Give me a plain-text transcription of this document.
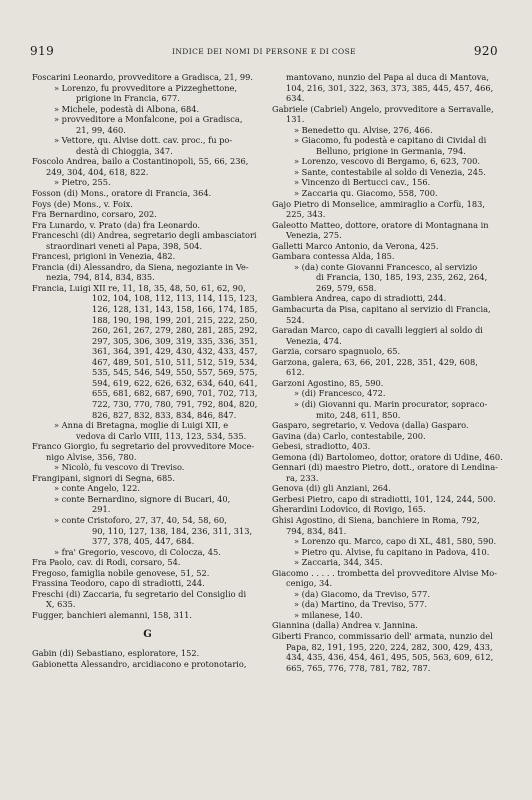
919	INDICE DEI NOMI DI PERSONE E DI COSE	920
Foscarini Leonardo, provveditore a Gradisca, 21, 99.
» Lorenzo, fu provveditore a Pizzeghettone,
prigione in Francia, 677.
» Michele, podestà di Albona, 684.
» provveditore a Monfalcone, poi a Gradisca,
21, 99, 460.
» Vettore, qu. Alvise dott. cav. proc., fu po-
destà di Chioggia, 347.
Foscolo Andrea, bailo a Costantinopoli, 55, 66, 236,
249, 304, 404, 618, 822.
» Pietro, 255.
Fosson (di) Mons., oratore di Francia, 364.
Foys (de) Mons., v. Foix.
Fra Bernardino, corsaro, 202.
Fra Lunardo, v. Prato (da) fra Leonardo.
Franceschi (di) Andrea, segretario degli ambasciatori
straordinari veneti al Papa, 398, 504.
Francesi, prigioni in Venezia, 482.
Francia (di) Alessandro, da Siena, negoziante in Ve-
nezia, 794, 814, 834, 835.
Francia, Luigi XII re, 11, 18, 35, 48, 50, 61, 62, 90,
102, 104, 108, 112, 113, 114, 115, 123,
126, 128, 131, 143, 158, 166, 174, 185,
188, 190, 198, 199, 201, 215, 222, 250,
260, 261, 267, 279, 280, 281, 285, 292,
297, 305, 306, 309, 319, 335, 336, 351,
361, 364, 391, 429, 430, 432, 433, 457,
467, 489, 501, 510, 511, 512, 519, 534,
535, 545, 546, 549, 550, 557, 569, 575,
594, 619, 622, 626, 632, 634, 640, 641,
655, 681, 682, 687, 690, 701, 702, 713,
722, 730, 770, 780, 791, 792, 804, 820,
826, 827, 832, 833, 834, 846, 847.
» Anna di Bretagna, moglie di Luigi XII, e
vedova di Carlo VIII, 113, 123, 534, 535.
Franco Giorgio, fu segretario del provveditore Moce-
nigo Alvise, 356, 780.
» Nicolò, fu vescovo di Treviso.
Frangipani, signori di Segna, 685.
» conte Angelo, 122.
» conte Bernardino, signore di Bucari, 40,
291.
» conte Cristoforo, 27, 37, 40, 54, 58, 60,
90, 110, 127, 138, 184, 236, 311, 313,
377, 378, 405, 447, 684.
» fra' Gregorio, vescovo, di Colocza, 45.
Fra Paolo, cav. di Rodi, corsaro, 54.
Fregoso, famiglia nobile genovese, 51, 52.
Frassina Teodoro, capo di stradiotti, 244.
Freschi (di) Zaccaria, fu segretario del Consiglio di
X, 635.
Fugger, banchieri alemanni, 158, 311.
G
Gabin (di) Sebastiano, esploratore, 152.
Gabionetta Alessandro, arcidiacono e protonotario,
mantovano, nunzio del Papa al duca di Mantova,
104, 216, 301, 322, 363, 373, 385, 445, 457, 466,
634.
Gabriele (Cabriel) Angelo, provveditore a Serravalle,
131.
» Benedetto qu. Alvise, 276, 466.
» Giacomo, fu podestà e capitano di Cividal di
Belluno, prigione in Germania, 794.
» Lorenzo, vescovo di Bergamo, 6, 623, 700.
» Sante, contestabile al soldo di Venezia, 245.
» Vincenzo di Bertucci cav., 156.
» Zaccaria qu. Giacomo, 558, 700.
Gajo Pietro di Monselice, ammiraglio a Corfù, 183,
225, 343.
Galeotto Matteo, dottore, oratore di Montagnana in
Venezia, 275.
Galletti Marco Antonio, da Verona, 425.
Gambara contessa Alda, 185.
» (da) conte Giovanni Francesco, al servizio
di Francia, 130, 185, 193, 235, 262, 264,
269, 579, 658.
Gambiera Andrea, capo di stradiotti, 244.
Gambacurta da Pisa, capitano al servizio di Francia,
524.
Garadan Marco, capo di cavalli leggieri al soldo di
Venezia, 474.
Garzia, corsaro spagnuolo, 65.
Garzona, galera, 63, 66, 201, 228, 351, 429, 608,
612.
Garzoni Agostino, 85, 590.
» (di) Francesco, 472.
» (di) Giovanni qu. Marin procurator, sopraco-
mito, 248, 611, 850.
Gasparo, segretario, v. Vedova (dalla) Gasparo.
Gavina (da) Carlo, contestabile, 200.
Gebesi, stradiotto, 403.
Gemona (di) Bartolomeo, dottor, oratore di Udine, 460.
Gennari (di) maestro Pietro, dott., oratore di Lendina-
ra, 233.
Genova (di) gli Anziani, 264.
Gerbesi Pietro, capo di stradiotti, 101, 124, 244, 500.
Gherardini Lodovico, di Rovigo, 165.
Ghisi Agostino, di Siena, banchiere in Roma, 792,
794, 834, 841.
» Lorenzo qu. Marco, capo di XL, 481, 580, 590.
» Pietro qu. Alvise, fu capitano in Padova, 410.
» Zaccaria, 344, 345.
Giacomo . . . . . trombetta del provveditore Alvise Mo-
cenigo, 34.
» (da) Giacomo, da Treviso, 577.
» (da) Martino, da Treviso, 577.
» milanese, 140.
Giannina (dalla) Andrea v. Jannina.
Giberti Franco, commissario dell' armata, nunzio del
Papa, 82, 191, 195, 220, 224, 282, 300, 429, 433,
434, 435, 436, 454, 461, 495, 505, 563, 609, 612,
665, 765, 776, 778, 781, 782, 787.
